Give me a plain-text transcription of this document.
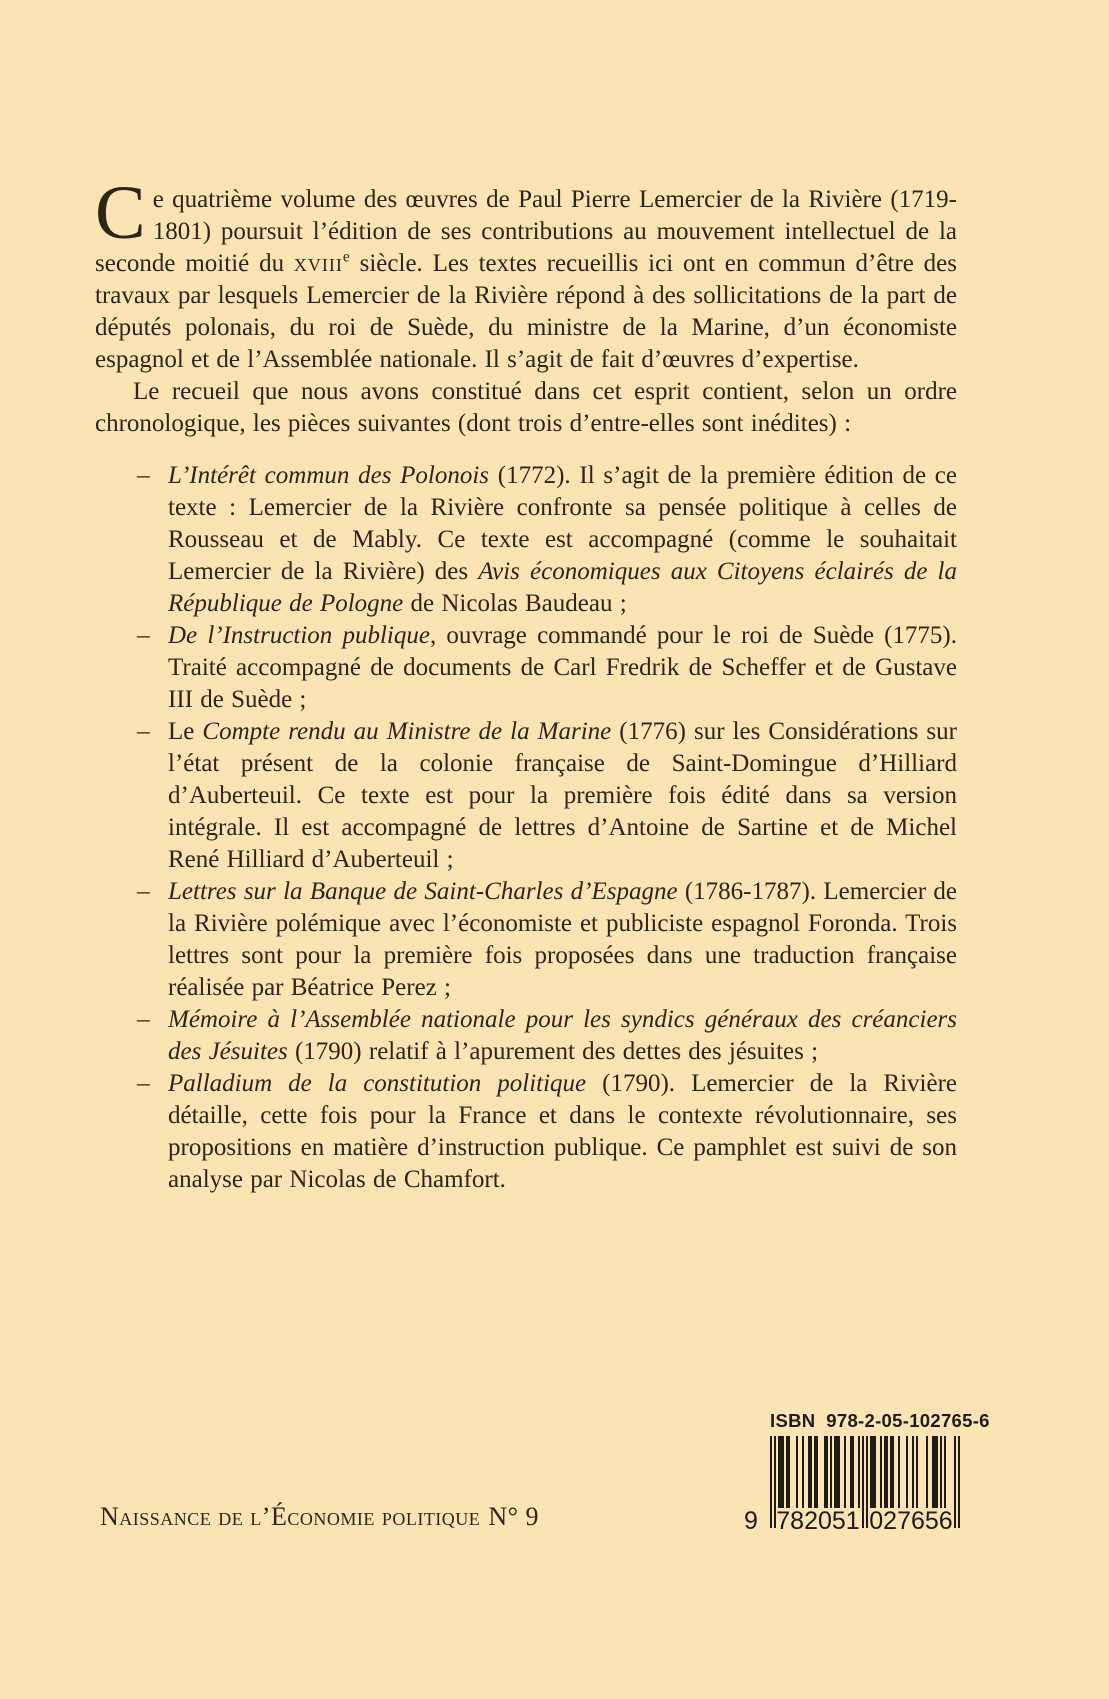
Ce quatrième volume des œuvres de Paul Pierre Lemercier de la Rivière (1719-1801) poursuit l’édition de ses contributions au mouvement intellectuel de la seconde moitié du xviii$^e$ siècle. Les textes recueillis ici ont en commun d’être des travaux par lesquels Lemercier de la Rivière répond à des sollicitations de la part de députés polonais, du roi de Suède, du ministre de la Marine, d’un économiste espagnol et de l’Assemblée nationale. Il s’agit de fait d’œuvres d’expertise.

Le recueil que nous avons constitué dans cet esprit contient, selon un ordre chronologique, les pièces suivantes (dont trois d’entre-elles sont inédites) :

– L’Intérêt commun des Polonois (1772). Il s’agit de la première édition de ce texte : Lemercier de la Rivière confronte sa pensée politique à celles de Rousseau et de Mably. Ce texte est accompagné (comme le souhaitait Lemercier de la Rivière) des Avis économiques aux Citoyens éclairés de la République de Pologne de Nicolas Baudeau ;
– De l’Instruction publique, ouvrage commandé pour le roi de Suède (1775). Traité accompagné de documents de Carl Fredrik de Scheffer et de Gustave III de Suède ;
– Le Compte rendu au Ministre de la Marine (1776) sur les Considérations sur l’état présent de la colonie française de Saint-Domingue d’Hilliard d’Auberteuil. Ce texte est pour la première fois édité dans sa version intégrale. Il est accompagné de lettres d’Antoine de Sartine et de Michel René Hilliard d’Auberteuil ;
– Lettres sur la Banque de Saint-Charles d’Espagne (1786-1787). Lemercier de la Rivière polémique avec l’économiste et publiciste espagnol Foronda. Trois lettres sont pour la première fois proposées dans une traduction française réalisée par Béatrice Perez ;
– Mémoire à l’Assemblée nationale pour les syndics généraux des créanciers des Jésuites (1790) relatif à l’apurement des dettes des jésuites ;
– Palladium de la constitution politique (1790). Lemercier de la Rivière détaille, cette fois pour la France et dans le contexte révolutionnaire, ses propositions en matière d’instruction publique. Ce pamphlet est suivi de son analyse par Nicolas de Chamfort.
ISBN  978-2-05-102765-6
9 782051 027656
Naissance de l’Économie politique N° 9
